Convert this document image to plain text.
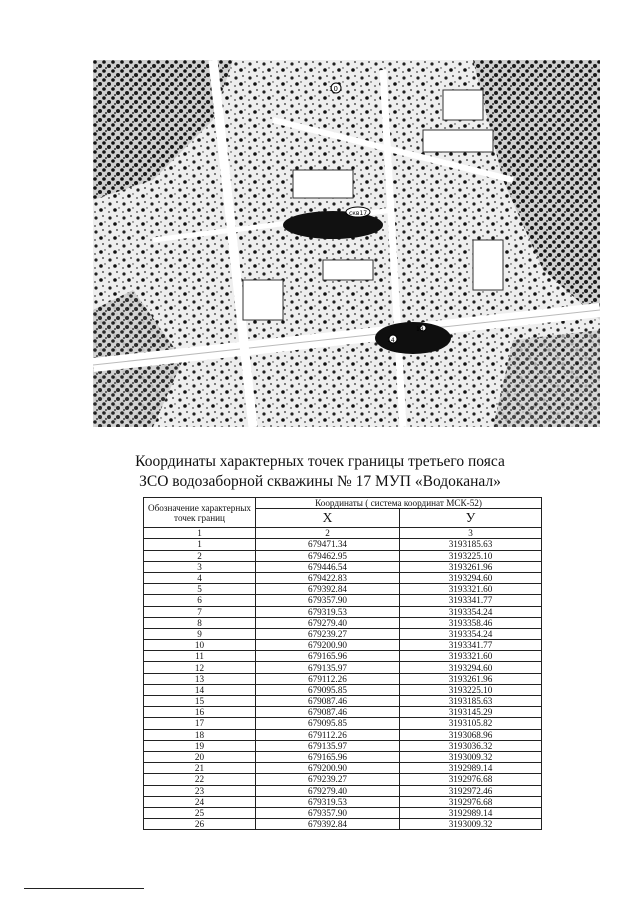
10
скв17
13
14
Координаты характерных точек границы третьего пояса
ЗСО водозаборной скважины № 17 МУП «Водоканал»
Обозначение характерных точек границ	Координаты ( система координат МСК-52)	
	X	У
1	2	3
1	679471.34	3193185.63
2	679462.95	3193225.10
3	679446.54	3193261.96
4	679422.83	3193294.60
5	679392.84	3193321.60
6	679357.90	3193341.77
7	679319.53	3193354.24
8	679279.40	3193358.46
9	679239.27	3193354.24
10	679200.90	3193341.77
11	679165.96	3193321.60
12	679135.97	3193294.60
13	679112.26	3193261.96
14	679095.85	3193225.10
15	679087.46	3193185.63
16	679087.46	3193145.29
17	679095.85	3193105.82
18	679112.26	3193068.96
19	679135.97	3193036.32
20	679165.96	3193009.32
21	679200.90	3192989.14
22	679239.27	3192976.68
23	679279.40	3192972.46
24	679319.53	3192976.68
25	679357.90	3192989.14
26	679392.84	3193009.32
